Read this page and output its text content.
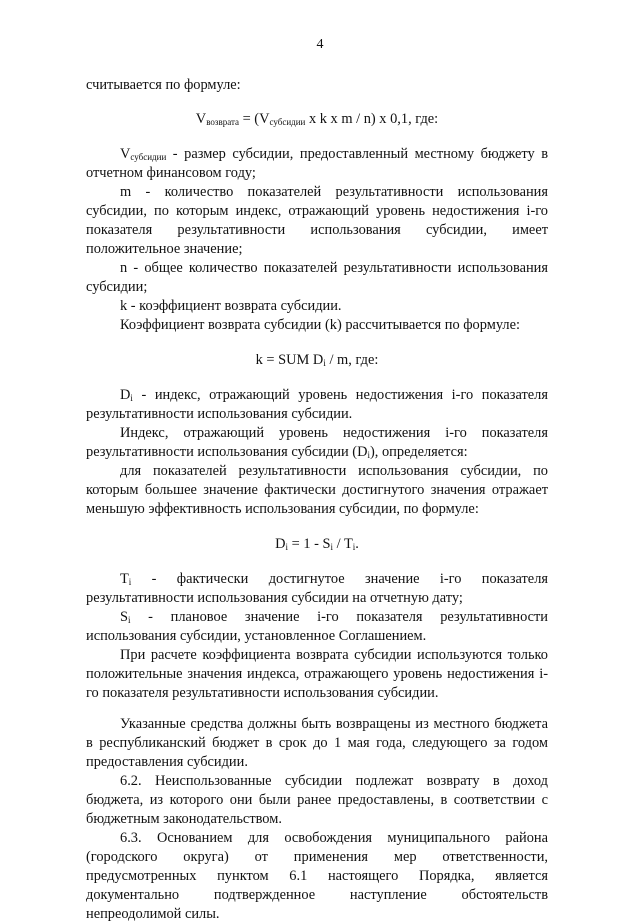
4

считывается по формуле:

$V_{возврата} = (V_{субсидии}$ x k x m / n) x 0,1, где:

$V_{субсидии}$ - размер субсидии, предоставленный местному бюджету в отчетном финансовом году;

m - количество показателей результативности использования субсидии, по которым индекс, отражающий уровень недостижения i-го показателя результативности использования субсидии, имеет положительное значение;

n - общее количество показателей результативности использования субсидии;

k - коэффициент возврата субсидии.

Коэффициент возврата субсидии (k) рассчитывается по формуле:

k = SUM $D_i$ / m, где:

$D_i$ - индекс, отражающий уровень недостижения i-го показателя результативности использования субсидии.

Индекс, отражающий уровень недостижения i-го показателя результативности использования субсидии $(D_i)$, определяется:

для показателей результативности использования субсидии, по которым большее значение фактически достигнутого значения отражает меньшую эффективность использования субсидии, по формуле:

$D_i = 1 - S_i / T_i$.

$T_i$ - фактически достигнутое значение i-го показателя результативности использования субсидии на отчетную дату;

$S_i$ - плановое значение i-го показателя результативности использования субсидии, установленное Соглашением.

При расчете коэффициента возврата субсидии используются только положительные значения индекса, отражающего уровень недостижения i-го показателя результативности использования субсидии.

Указанные средства должны быть возвращены из местного бюджета в республиканский бюджет в срок до 1 мая года, следующего за годом предоставления субсидии.

6.2. Неиспользованные субсидии подлежат возврату в доход бюджета, из которого они были ранее предоставлены, в соответствии с бюджетным законодательством.

6.3. Основанием для освобождения муниципального района (городского округа) от применения мер ответственности, предусмотренных пунктом 6.1 настоящего Порядка, является документально подтвержденное наступление обстоятельств непреодолимой силы.
